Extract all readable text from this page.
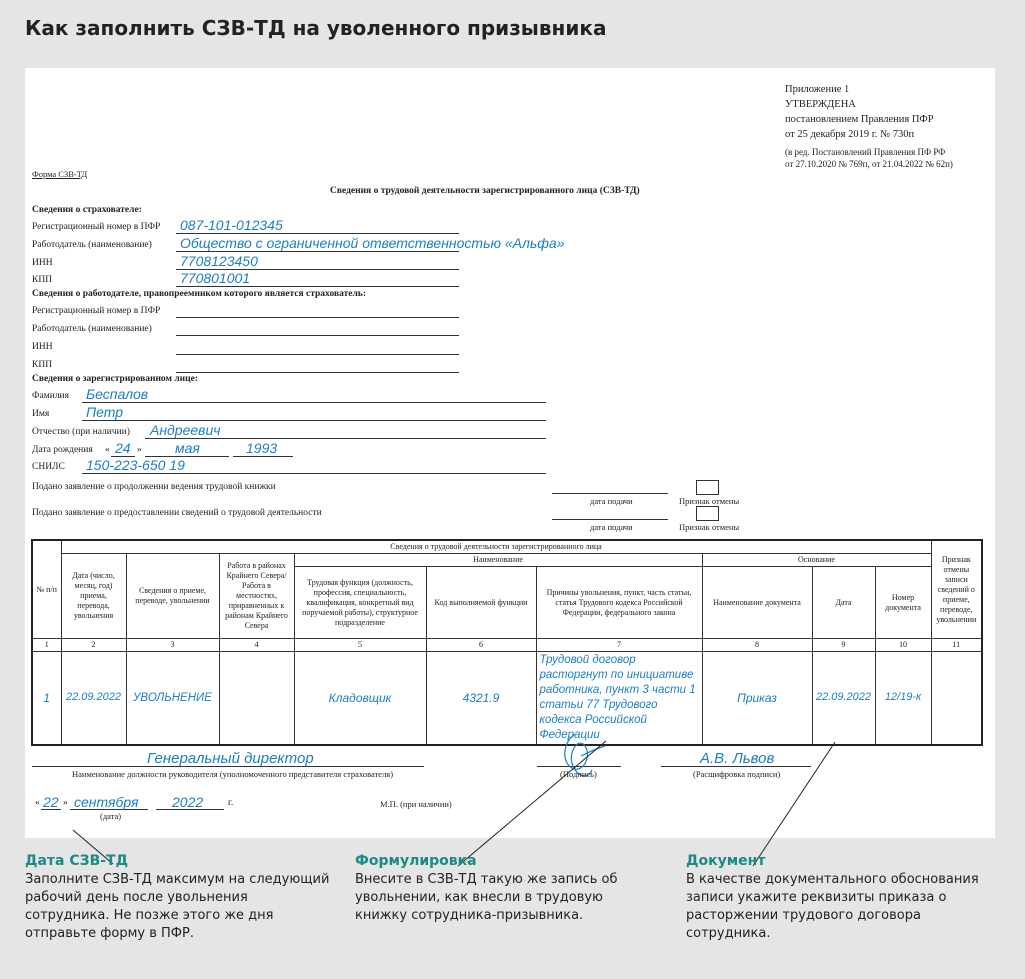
Как заполнить СЗВ-ТД на уволенного призывника
Приложение 1
УТВЕРЖДЕНА
постановлением Правления ПФР
от 25 декабря 2019 г. № 730п
(в ред. Постановлений Правления ПФ РФ
от 27.10.2020 № 769п, от 21.04.2022 № 62п)
Форма СЗВ-ТД
Сведения о трудовой деятельности зарегистрированного лица (СЗВ-ТД)
Сведения о страхователе:
Регистрационный номер в ПФР 087-101-012345
Работодатель (наименование) Общество с ограниченной ответственностью «Альфа»
ИНН	7708123450
КПП	770801001
Сведения о работодателе, правопреемником которого является страхователь:
Регистрационный номер в ПФР
Работодатель (наименование)
ИНН
КПП
Сведения о зарегистрированном лице:
Фамилия Беспалов
Имя	Петр
Отчество (при наличии) Андреевич
Дата рождения « 24 » мая	1993
СНИЛС 150-223-650 19
Подано заявление о продолжении ведения трудовой книжки
дата подачи	Признак отмены
Подано заявление о предоставлении сведений о трудовой деятельности
дата подачи	Признак отмены
№ п/п	Сведения о трудовой деятельности зарегистрированного лица									Признак отмены записи сведений о приеме, переводе, увольнении
	Дата (число, месяц, год) приема, перевода, увольнения	Сведения о приеме, переводе, увольнении	Работа в районах Крайнего Севера/Работа в местностях, приравненных к районам Крайнего Севера	Наименование			Основание			
				Трудовая функция (должность, профессия, специальность, квалификация, конкретный вид поручаемой работы), структурное подразделение	Код выполняемой функции	Причины увольнения, пункт, часть статьи, статья Трудового кодекса Российской Федерации, федерального закона	Наименование документа	Дата	Номер документа	
1	2	3	4	5	6	7	8	9	10	11
1	22.09.2022	УВОЛЬНЕНИЕ		Кладовщик	4321.9	Трудовой договор расторгнут по инициативе работника, пункт 3 части 1 статьи 77 Трудового кодекса Российской Федерации	Приказ	22.09.2022	12/19-к	
Генеральный директор
Наименование должности руководителя (уполномоченного представителя страхователя)	(Подпись)
А.В. Львов
(Расшифровка подписи)
« 22 » сентября 2022	г.
(дата)
М.П. (при наличии)
Дата СЗВ-ТД
Заполните СЗВ-ТД максимум на следующий рабочий день после увольнения сотрудника. Не позже этого же дня отправьте форму в ПФР.
Формулировка
Внесите в СЗВ-ТД такую же запись об увольнении, как внесли в трудовую книжку сотрудника-призывника.
Документ
В качестве документального обоснования записи укажите реквизиты приказа о расторжении трудового договора сотрудника.
